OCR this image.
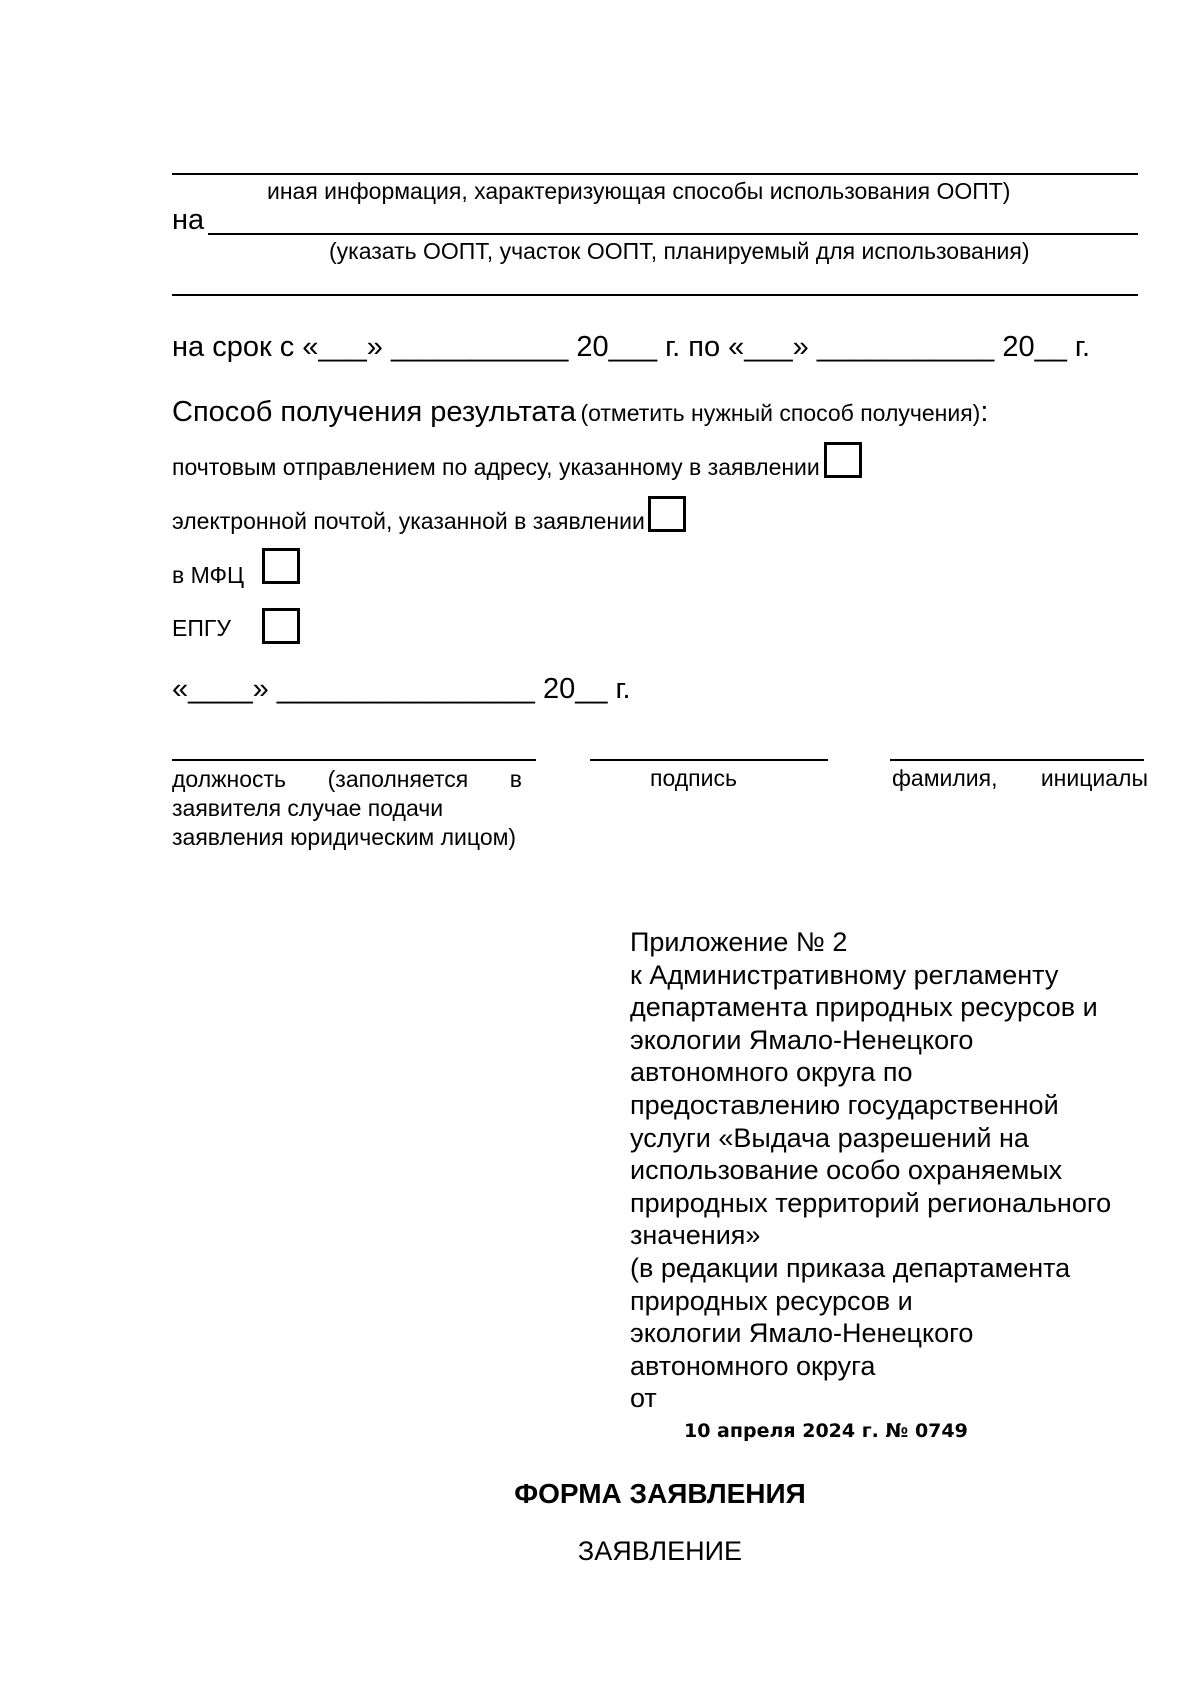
иная информация, характеризующая способы использования ООПТ)
на
(указать ООПТ, участок ООПТ, планируемый для использования)
на срок с «___» ___________ 20___ г. по «___» ___________ 20__ г.
Способ получения результата (отметить нужный способ получения):
почтовым отправлением по адресу, указанному в заявлении
электронной почтой, указанной в заявлении
в МФЦ
ЕПГУ
«____» ________________ 20__ г.
должность (заполняется в
заявителя случае подачи
заявления юридическим лицом)
подпись	фамилия, инициалы
Приложение № 2
к Административному регламенту
департамента природных ресурсов и
экологии Ямало-Ненецкого
автономного округа по
предоставлению государственной
услуги «Выдача разрешений на
использование особо охраняемых
природных территорий регионального
значения»
(в редакции приказа департамента
природных ресурсов и
экологии Ямало-Ненецкого
автономного округа
от
10 апреля 2024 г. № 0749
ФОРМА ЗАЯВЛЕНИЯ
ЗАЯВЛЕНИЕ
